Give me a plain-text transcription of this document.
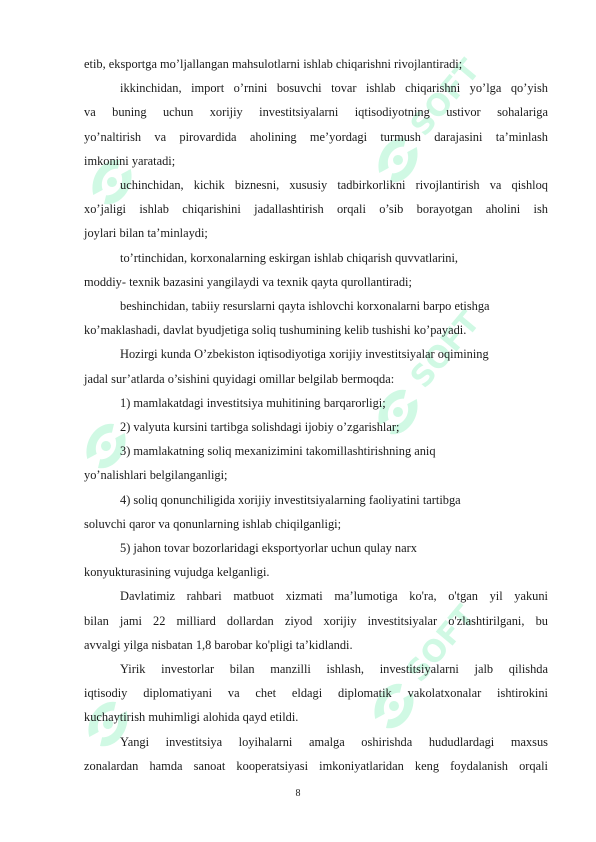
SOFT
SOFT
SOFT

etib, eksportga mo’ljallangan mahsulotlarni ishlab chiqarishni rivojlantiradi;

ikkinchidan, import o’rnini bosuvchi tovar ishlab chiqarishni yo’lga qo’yish

va buning uchun xorijiy investitsiyalarni iqtisodiyotning ustivor sohalariga

yo’naltirish va pirovardida aholining me’yordagi turmush darajasini ta’minlash

imkonini yaratadi;

uchinchidan, kichik biznesni, xususiy tadbirkorlikni rivojlantirish va qishloq

xo’jaligi ishlab chiqarishini jadallashtirish orqali o’sib borayotgan aholini ish

joylari bilan ta’minlaydi;

to’rtinchidan, korxonalarning eskirgan ishlab chiqarish quvvatlarini,

moddiy- texnik bazasini yangilaydi va texnik qayta qurollantiradi;

beshinchidan, tabiiy resurslarni qayta ishlovchi korxonalarni barpo etishga

ko’maklashadi, davlat byudjetiga soliq tushumining kelib tushishi ko’payadi.

Hozirgi kunda O’zbekiston iqtisodiyotiga xorijiy investitsiyalar oqimining

jadal sur’atlarda o’sishini quyidagi omillar belgilab bermoqda:

1) mamlakatdagi investitsiya muhitining barqarorligi;

2) valyuta kursini tartibga solishdagi ijobiy o’zgarishlar;

3) mamlakatning soliq mexanizimini takomillashtirishning aniq

yo’nalishlari belgilanganligi;

4) soliq qonunchiligida xorijiy investitsiyalarning faoliyatini tartibga

soluvchi qaror va qonunlarning ishlab chiqilganligi;

5) jahon tovar bozorlaridagi eksportyorlar uchun qulay narx

konyukturasining vujudga kelganligi.

Davlatimiz rahbari matbuot xizmati ma’lumotiga ko'ra, o'tgan yil yakuni

bilan jami 22 milliard dollardan ziyod xorijiy investitsiyalar o'zlashtirilgani, bu

avvalgi yilga nisbatan 1,8 barobar ko'pligi ta’kidlandi.

Yirik investorlar bilan manzilli ishlash, investitsiyalarni jalb qilishda

iqtisodiy diplomatiyani va chet eldagi diplomatik vakolatxonalar ishtirokini

kuchaytirish muhimligi alohida qayd etildi.

Yangi investitsiya loyihalarni amalga oshirishda hududlardagi maxsus

zonalardan hamda sanoat kooperatsiyasi imkoniyatlaridan keng foydalanish orqali

8
